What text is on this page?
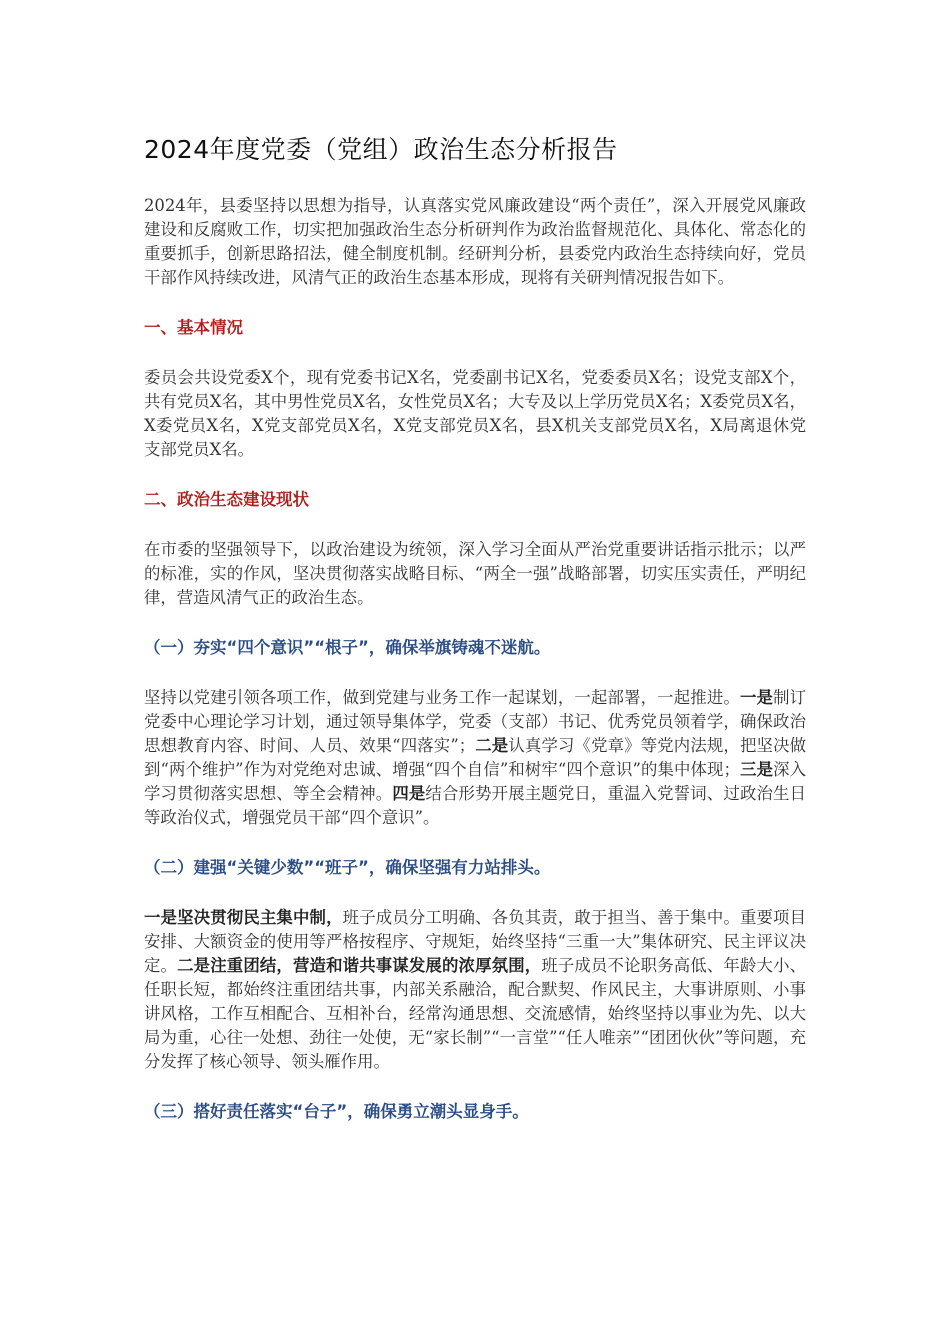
2024年度党委（党组）政治生态分析报告

2024年，县委坚持以思想为指导，认真落实党风廉政建设“两个责任”，深入开展党风廉政建设和反腐败工作，切实把加强政治生态分析研判作为政治监督规范化、具体化、常态化的重要抓手，创新思路招法，健全制度机制。经研判分析，县委党内政治生态持续向好，党员干部作风持续改进，风清气正的政治生态基本形成，现将有关研判情况报告如下。

一、基本情况

委员会共设党委X个，现有党委书记X名，党委副书记X名，党委委员X名；设党支部X个，共有党员X名，其中男性党员X名，女性党员X名；大专及以上学历党员X名；X委党员X名，X委党员X名，X党支部党员X名，X党支部党员X名，县X机关支部党员X名，X局离退休党支部党员X名。

二、政治生态建设现状

在市委的坚强领导下，以政治建设为统领，深入学习全面从严治党重要讲话指示批示；以严的标准，实的作风，坚决贯彻落实战略目标、“两全一强”战略部署，切实压实责任，严明纪律，营造风清气正的政治生态。

（一）夯实“四个意识”“根子”，确保举旗铸魂不迷航。

坚持以党建引领各项工作，做到党建与业务工作一起谋划，一起部署，一起推进。一是制订党委中心理论学习计划，通过领导集体学，党委（支部）书记、优秀党员领着学，确保政治思想教育内容、时间、人员、效果“四落实”；二是认真学习《党章》等党内法规，把坚决做到“两个维护”作为对党绝对忠诚、增强“四个自信”和树牢“四个意识”的集中体现；三是深入学习贯彻落实思想、等全会精神。四是结合形势开展主题党日，重温入党誓词、过政治生日等政治仪式，增强党员干部“四个意识”。

（二）建强“关键少数”“班子”，确保坚强有力站排头。

一是坚决贯彻民主集中制，班子成员分工明确、各负其责，敢于担当、善于集中。重要项目安排、大额资金的使用等严格按程序、守规矩，始终坚持“三重一大”集体研究、民主评议决定。二是注重团结，营造和谐共事谋发展的浓厚氛围，班子成员不论职务高低、年龄大小、任职长短，都始终注重团结共事，内部关系融洽，配合默契、作风民主，大事讲原则、小事讲风格，工作互相配合、互相补台，经常沟通思想、交流感情，始终坚持以事业为先、以大局为重，心往一处想、劲往一处使，无“家长制”“一言堂”“任人唯亲”“团团伙伙”等问题，充分发挥了核心领导、领头雁作用。

（三）搭好责任落实“台子”，确保勇立潮头显身手。
